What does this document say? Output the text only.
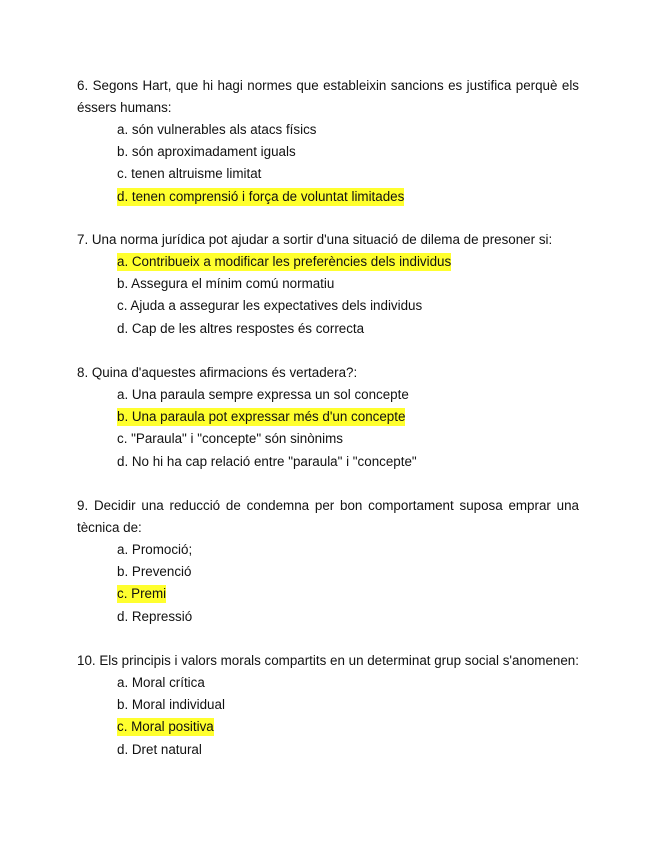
6. Segons Hart, que hi hagi normes que estableixin sancions es justifica perquè els éssers humans:

a. són vulnerables als atacs físics
b. són aproximadament iguals
c. tenen altruisme limitat
d. tenen comprensió i força de voluntat limitades

7. Una norma jurídica pot ajudar a sortir d'una situació de dilema de presoner si:

a. Contribueix a modificar les preferències dels individus
b. Assegura el mínim comú normatiu
c. Ajuda a assegurar les expectatives dels individus
d. Cap de les altres respostes és correcta

8. Quina d'aquestes afirmacions és vertadera?:

a. Una paraula sempre expressa un sol concepte
b. Una paraula pot expressar més d'un concepte
c. "Paraula" i "concepte" són sinònims
d. No hi ha cap relació entre "paraula" i "concepte"

9. Decidir una reducció de condemna per bon comportament suposa emprar una tècnica de:

a. Promoció;
b. Prevenció
c. Premi
d. Repressió

10. Els principis i valors morals compartits en un determinat grup social s'anomenen:

a. Moral crítica
b. Moral individual
c. Moral positiva
d. Dret natural
